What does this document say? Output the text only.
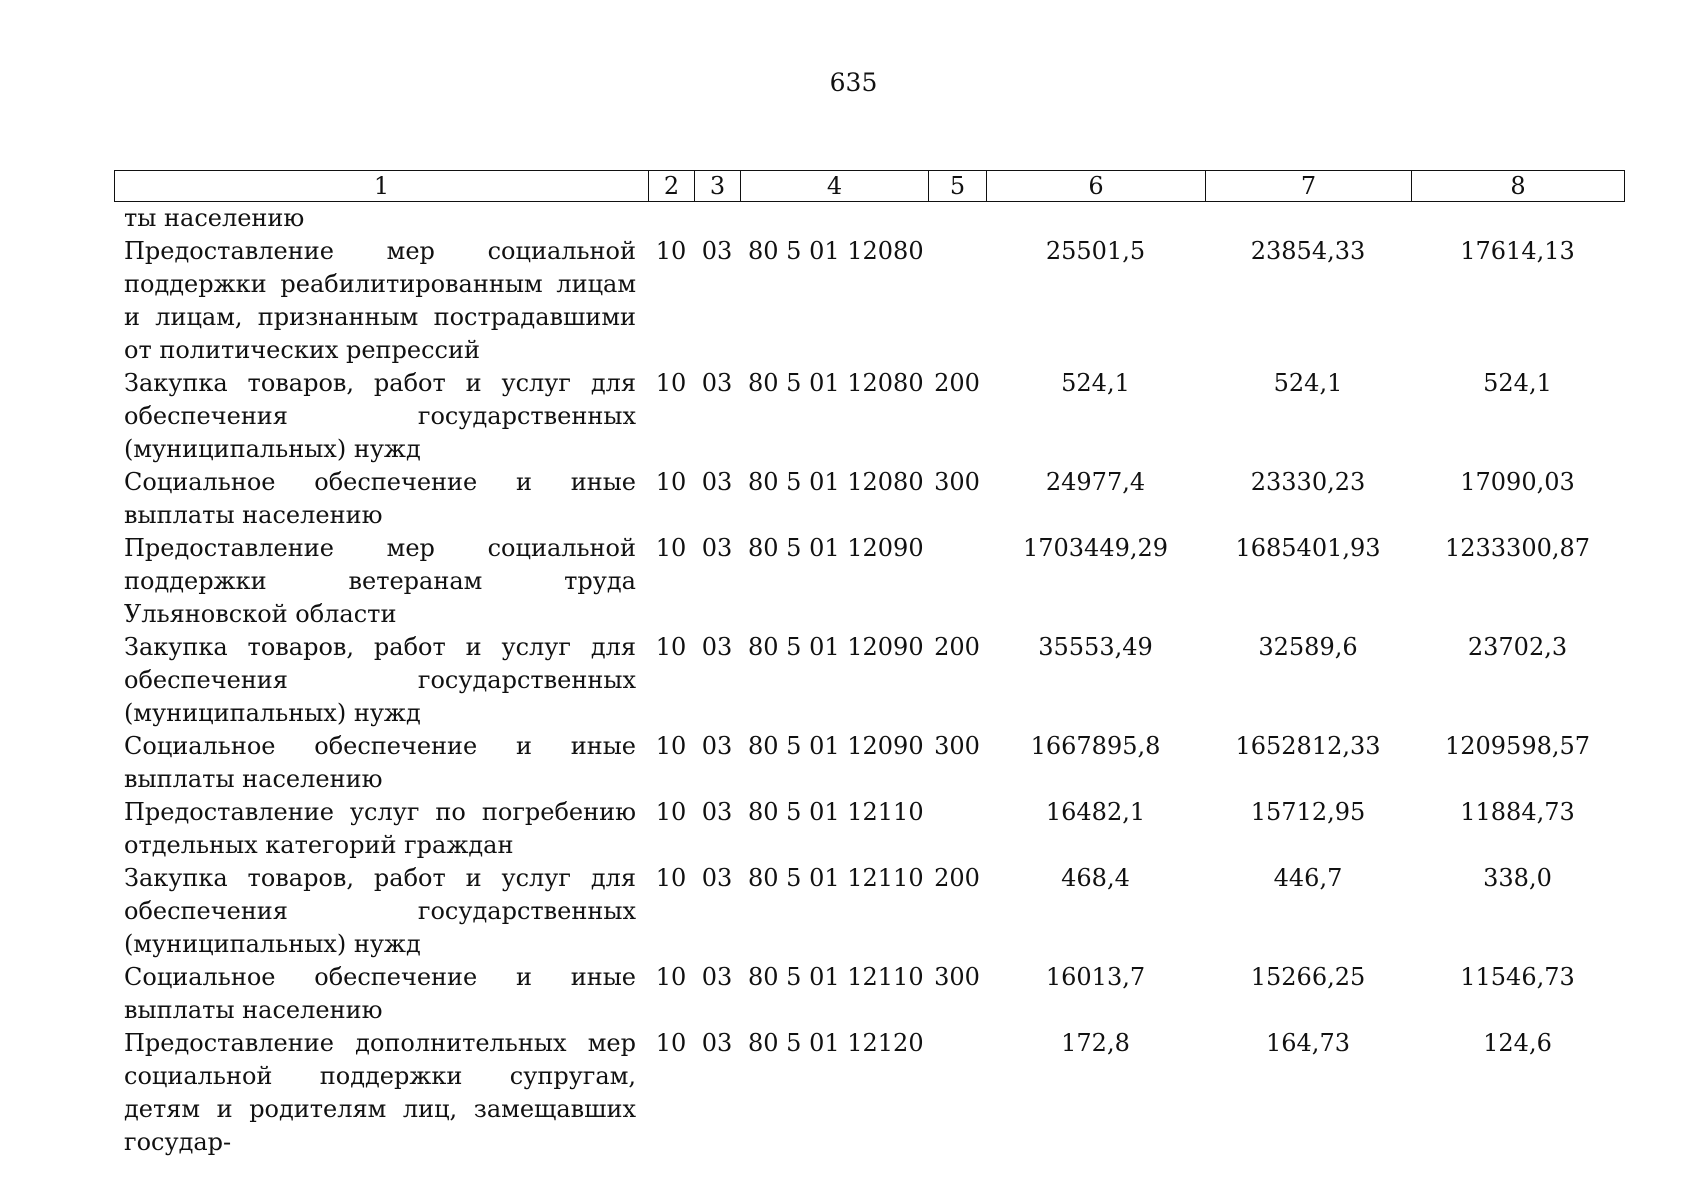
635
1	2	3	4	5	6	7	8
ты населению							
Предоставление мер социальной поддержки реабилитированным лицам и лицам, признанным пострадавшими от политических репрессий	10	03	80 5 01 12080		25501,5	23854,33	17614,13
Закупка товаров, работ и услуг для обеспечения государственных (муниципальных) нужд	10	03	80 5 01 12080	200	524,1	524,1	524,1
Социальное обеспечение и иные выплаты населению	10	03	80 5 01 12080	300	24977,4	23330,23	17090,03
Предоставление мер социальной поддержки ветеранам труда Ульяновской области	10	03	80 5 01 12090		1703449,29	1685401,93	1233300,87
Закупка товаров, работ и услуг для обеспечения государственных (муниципальных) нужд	10	03	80 5 01 12090	200	35553,49	32589,6	23702,3
Социальное обеспечение и иные выплаты населению	10	03	80 5 01 12090	300	1667895,8	1652812,33	1209598,57
Предоставление услуг по погребению отдельных категорий граждан	10	03	80 5 01 12110		16482,1	15712,95	11884,73
Закупка товаров, работ и услуг для обеспечения государственных (муниципальных) нужд	10	03	80 5 01 12110	200	468,4	446,7	338,0
Социальное обеспечение и иные выплаты населению	10	03	80 5 01 12110	300	16013,7	15266,25	11546,73
Предоставление дополнительных мер социальной поддержки супругам, детям и родителям лиц, замещавших государ-	10	03	80 5 01 12120		172,8	164,73	124,6
